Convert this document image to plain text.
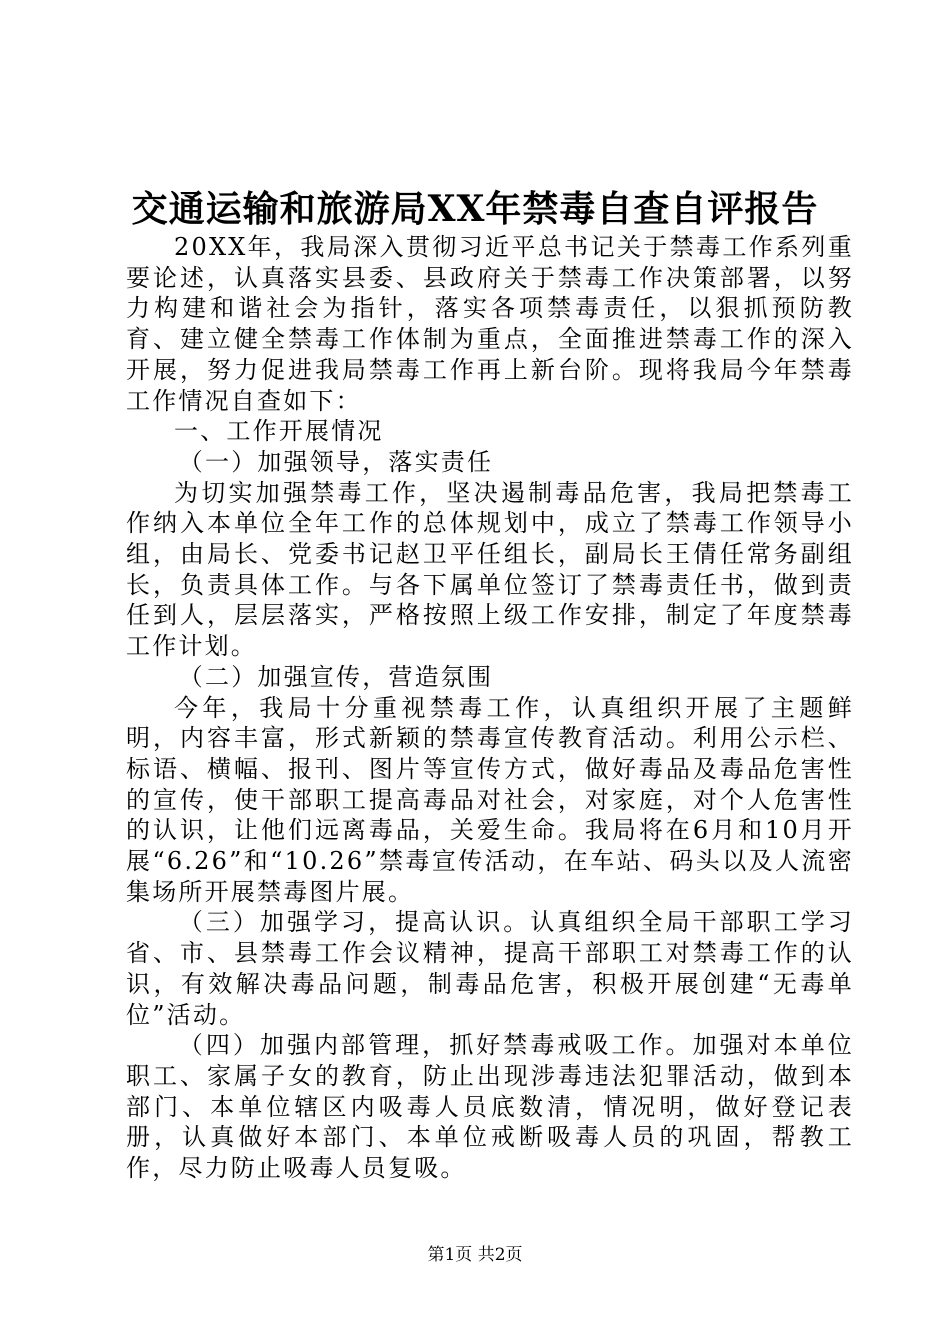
交通运输和旅游局XX年禁毒自查自评报告

20XX年，我局深入贯彻习近平总书记关于禁毒工作系列重要论述，认真落实县委、县政府关于禁毒工作决策部署，以努力构建和谐社会为指针，落实各项禁毒责任，以狠抓预防教育、建立健全禁毒工作体制为重点，全面推进禁毒工作的深入开展，努力促进我局禁毒工作再上新台阶。现将我局今年禁毒工作情况自查如下：

一、工作开展情况

（一）加强领导，落实责任

为切实加强禁毒工作，坚决遏制毒品危害，我局把禁毒工作纳入本单位全年工作的总体规划中，成立了禁毒工作领导小组，由局长、党委书记赵卫平任组长，副局长王倩任常务副组长，负责具体工作。与各下属单位签订了禁毒责任书，做到责任到人，层层落实，严格按照上级工作安排，制定了年度禁毒工作计划。

（二）加强宣传，营造氛围

今年，我局十分重视禁毒工作，认真组织开展了主题鲜明，内容丰富，形式新颖的禁毒宣传教育活动。利用公示栏、标语、横幅、报刊、图片等宣传方式，做好毒品及毒品危害性的宣传，使干部职工提高毒品对社会，对家庭，对个人危害性的认识，让他们远离毒品，关爱生命。我局将在6月和10月开展“6.26”和“10.26”禁毒宣传活动，在车站、码头以及人流密集场所开展禁毒图片展。

（三）加强学习，提高认识。认真组织全局干部职工学习省、市、县禁毒工作会议精神，提高干部职工对禁毒工作的认识，有效解决毒品问题，制毒品危害，积极开展创建“无毒单位”活动。

（四）加强内部管理，抓好禁毒戒吸工作。加强对本单位职工、家属子女的教育，防止出现涉毒违法犯罪活动，做到本部门、本单位辖区内吸毒人员底数清，情况明，做好登记表册，认真做好本部门、本单位戒断吸毒人员的巩固，帮教工作，尽力防止吸毒人员复吸。

第1页 共2页
